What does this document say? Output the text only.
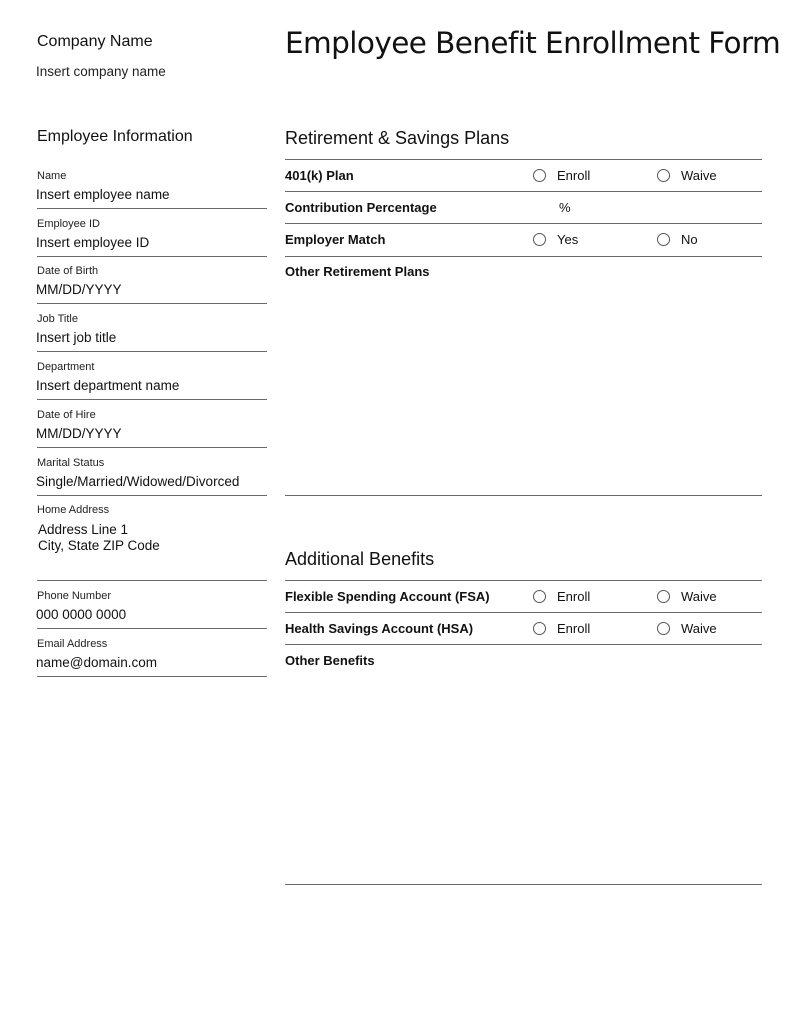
Company Name
Insert company name
Employee Benefit Enrollment Form
Employee Information
Name
Insert employee name
Employee ID
Insert employee ID
Date of Birth
MM/DD/YYYY
Job Title
Insert job title
Department
Insert department name
Date of Hire
MM/DD/YYYY
Marital Status
Single/Married/Widowed/Divorced
Home Address
Address Line 1
City, State ZIP Code
Phone Number
000 0000 0000
Email Address
name@domain.com
Retirement & Savings Plans
401(k) Plan	Enroll	Waive
Contribution Percentage	%
Employer Match	Yes	No
Other Retirement Plans
Additional Benefits
Flexible Spending Account (FSA)	Enroll	Waive
Health Savings Account (HSA)	Enroll	Waive
Other Benefits
